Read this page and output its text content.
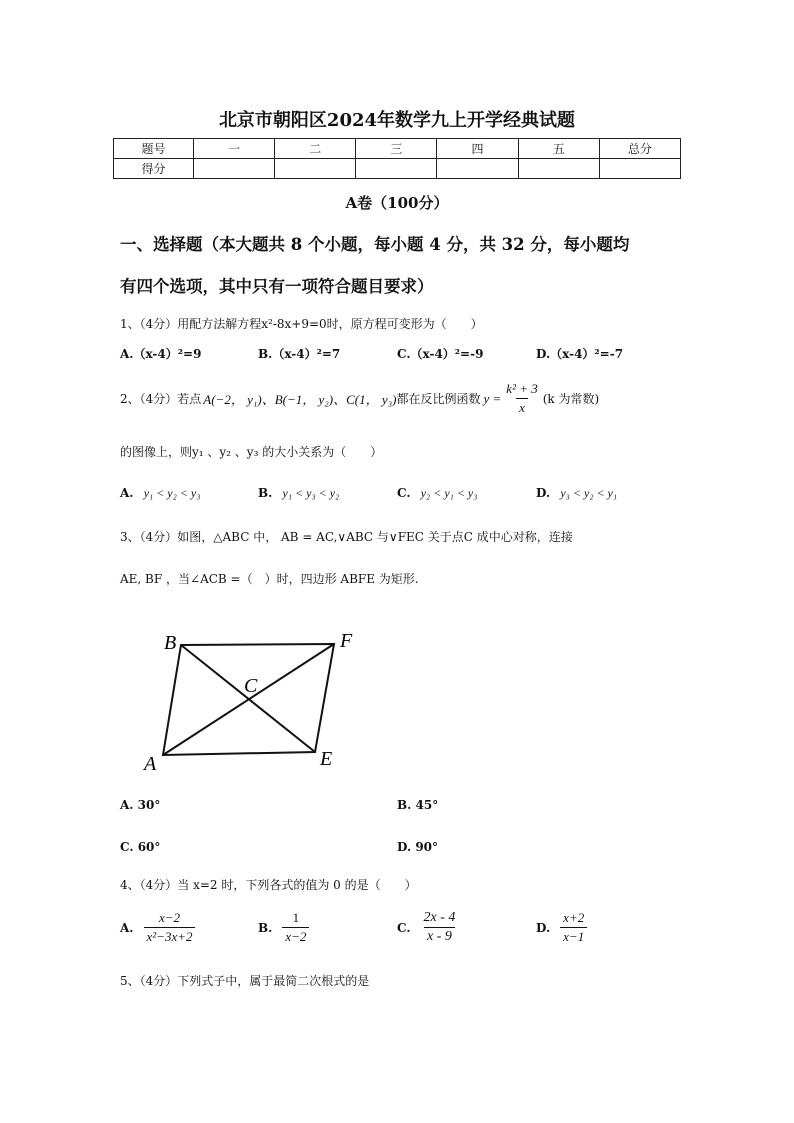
北京市朝阳区2024年数学九上开学经典试题
题号	一	二	三	四	五	总分
得分						
A卷（100分）
一、选择题（本大题共 8 个小题，每小题 4 分，共 32 分，每小题均
有四个选项，其中只有一项符合题目要求）
1、（4分）用配方法解方程x²-8x+9=0时，原方程可变形为（　　）
A.（x-4）²=9	B.（x-4）²=7	C.（x-4）²=-9	D.（x-4）²=-7
2、（4分）若点 A(−2， y₁)、B(−1， y₂)、C(1， y₃) 都在反比例函数 $y = \frac{\text{k² + 3}}{x} (k$ 为常数)
的图像上，则y₁ 、y₂ 、y₃ 的大小关系为（　　）
A. y₁ < y₂ < y₃	B. y₁ < y₃ < y₂	C. y₂ < y₁ < y₃	D. y₃ < y₂ < y₁
3、（4分）如图，△ABC 中， AB = AC,∨ABC 与∨FEC 关于点C 成中心对称，连接
AE, BF ，当∠ACB =（　）时，四边形 ABFE 为矩形.
B	F
C
A	E
A. 30°	B. 45°
C. 60°	D. 90°
4、（4分）当 x=2 时，下列各式的值为 0 的是（　　）
A. $\frac{x-2}{\text{x²−3x+2}}$	B. $\frac{1}{x-2}$	C. $\frac{2x - 4}{x - 9}$	D. $\frac{x+2}{x-1}$
5、（4分）下列式子中，属于最简二次根式的是
